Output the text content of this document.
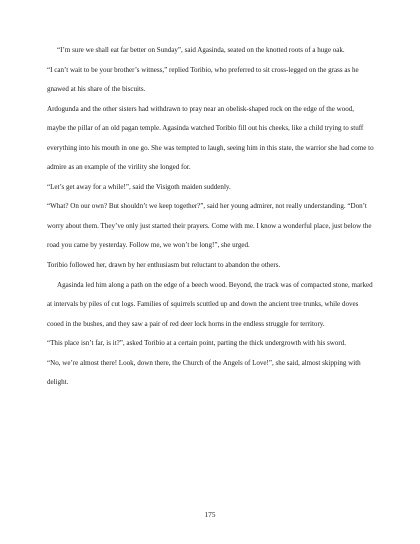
“I’m sure we shall eat far better on Sunday”, said Agasinda, seated on the knotted roots of a huge oak.

“I can’t wait to be your brother’s witness,” replied Toribio, who preferred to sit cross-legged on the grass as he gnawed at his share of the biscuits.

Ardogunda and the other sisters had withdrawn to pray near an obelisk-shaped rock on the edge of the wood, maybe the pillar of an old pagan temple. Agasinda watched Toribio fill out his cheeks, like a child trying to stuff everything into his mouth in one go. She was tempted to laugh, seeing him in this state, the warrior she had come to admire as an example of the virility she longed for.

“Let’s get away for a while!”, said the Visigoth maiden suddenly.

“What? On our own? But shouldn’t we keep together?”, said her young admirer, not really understanding. “Don’t worry about them. They’ve only just started their prayers. Come with me. I know a wonderful place, just below the road you came by yesterday. Follow me, we won’t be long!”, she urged.

Toribio followed her, drawn by her enthusiasm but reluctant to abandon the others.

Agasinda led him along a path on the edge of a beech wood. Beyond, the track was of compacted stone, marked at intervals by piles of cut logs. Families of squirrels scuttled up and down the ancient tree trunks, while doves cooed in the bushes, and they saw a pair of red deer lock horns in the endless struggle for territory.

“This place isn’t far, is it?”, asked Toribio at a certain point, parting the thick undergrowth with his sword.

“No, we’re almost there! Look, down there, the Church of the Angels of Love!”, she said, almost skipping with delight.

175
